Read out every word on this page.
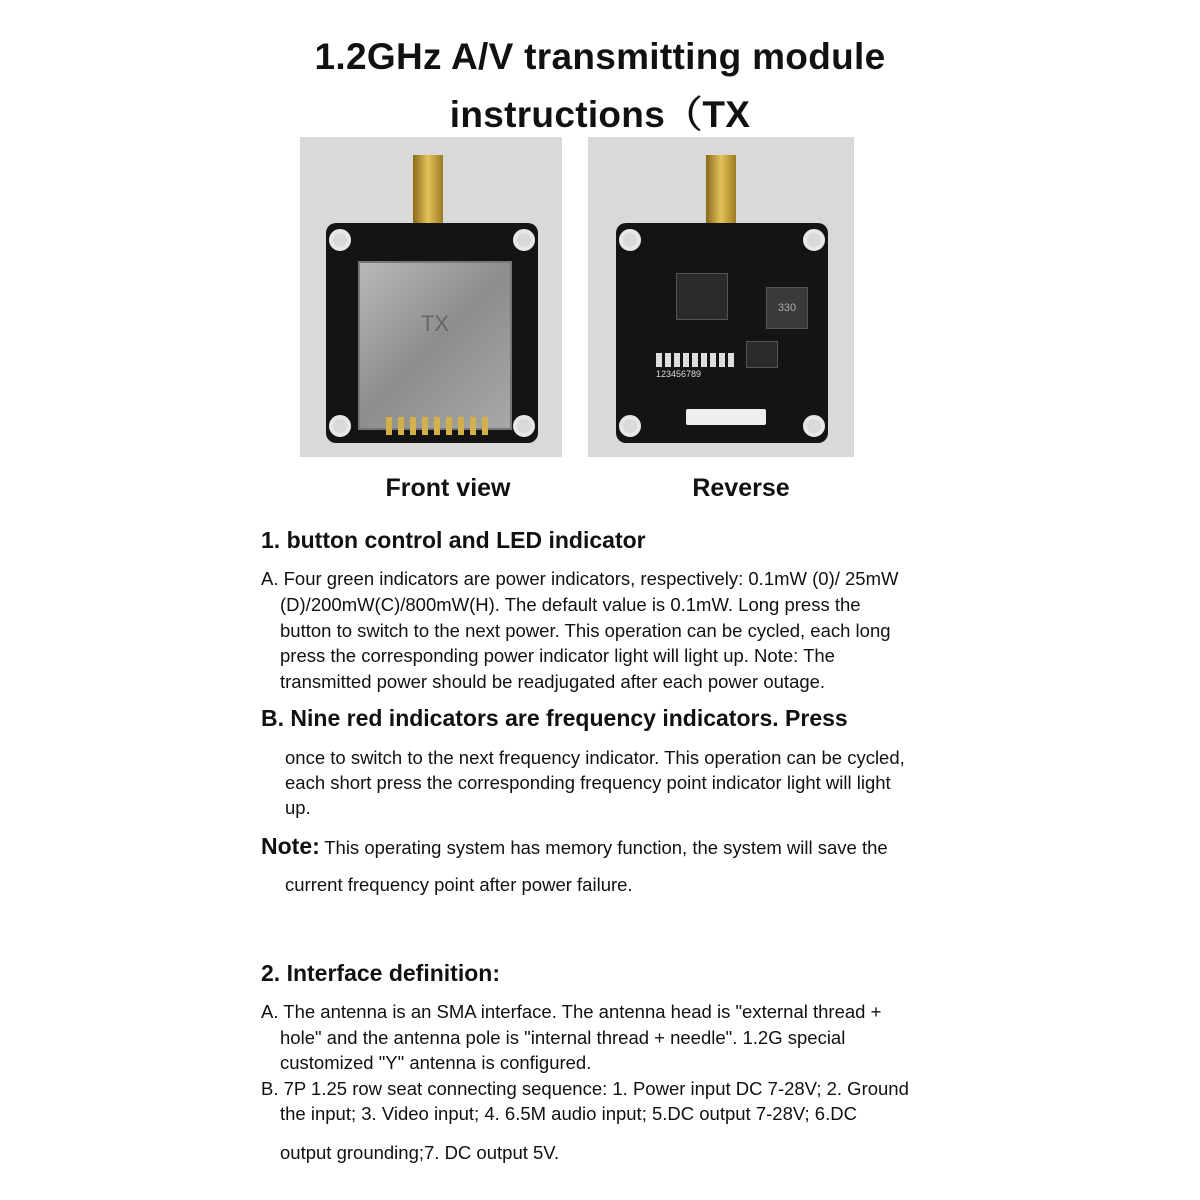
1.2GHz A/V transmitting module
instructions（TX
TX
330
123456789
Front view	Reverse
1. button control and LED indicator
A. Four green indicators are power indicators, respectively: 0.1mW (0)/ 25mW
(D)/200mW(C)/800mW(H). The default value is 0.1mW. Long press the
button to switch to the next power. This operation can be cycled, each long
press the corresponding power indicator light will light up. Note: The
transmitted power should be readjugated after each power outage.
B. Nine red indicators are frequency indicators. Press
once to switch to the next frequency indicator. This operation can be cycled,
each short press the corresponding frequency point indicator light will light
up.
Note: This operating system has memory function, the system will save the
current frequency point after power failure.
2. Interface definition:
A. The antenna is an SMA interface. The antenna head is "external thread +
hole" and the antenna pole is "internal thread + needle". 1.2G special
customized "Y" antenna is configured.
B. 7P 1.25 row seat connecting sequence: 1. Power input DC 7-28V; 2. Ground
the input; 3. Video input; 4. 6.5M audio input; 5.DC output 7-28V; 6.DC
output grounding;7. DC output 5V.
